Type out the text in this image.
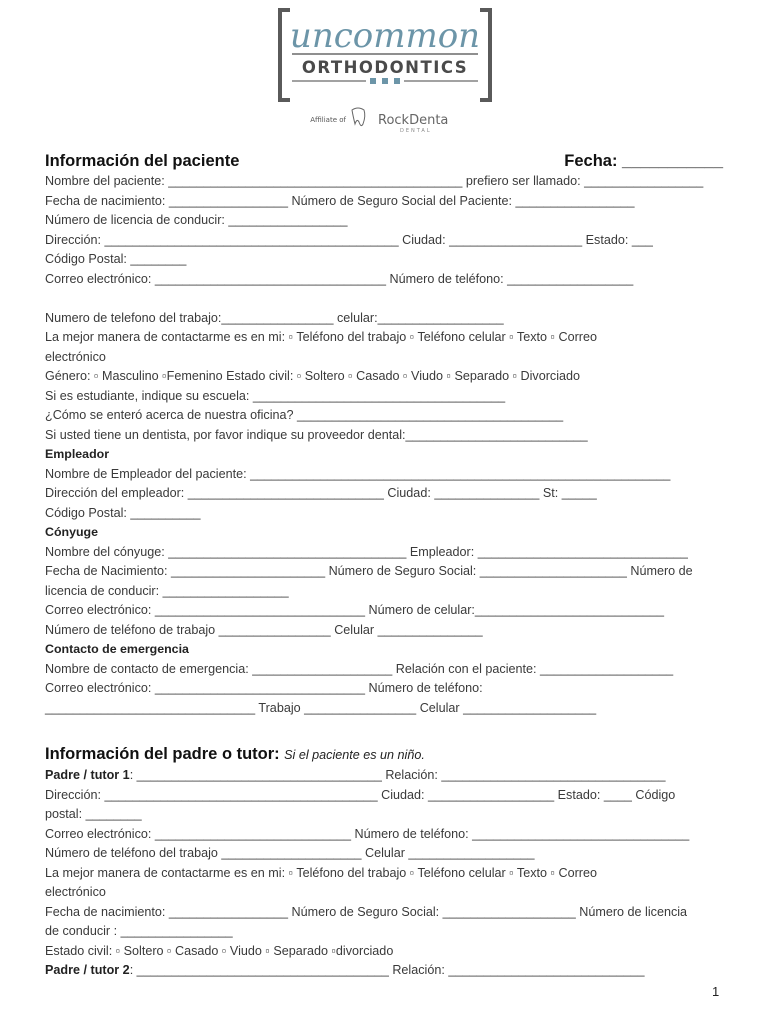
uncommon
ORTHODONTICS
Affiliate of RockDenta
DENTAL
Información del paciente	Fecha: ___________
Nombre del paciente: __________________________________________ prefiero ser llamado: _________________
Fecha de nacimiento: _________________ Número de Seguro Social del Paciente: _________________
Número de licencia de conducir: _________________
Dirección: __________________________________________ Ciudad: ___________________ Estado: ___
Código Postal: ________
Correo electrónico: _________________________________ Número de teléfono: __________________
Numero de telefono del trabajo:________________ celular:__________________
La mejor manera de contactarme es en mi: ▫ Teléfono del trabajo ▫ Teléfono celular ▫ Texto ▫ Correo
electrónico
Género: ▫ Masculino ▫Femenino Estado civil: ▫ Soltero ▫ Casado ▫ Viudo ▫ Separado ▫ Divorciado
Si es estudiante, indique su escuela: ____________________________________
¿Cómo se enteró acerca de nuestra oficina? ______________________________________
Si usted tiene un dentista, por favor indique su proveedor dental:__________________________
Empleador
Nombre de Empleador del paciente: ____________________________________________________________
Dirección del empleador: ____________________________ Ciudad: _______________ St: _____
Código Postal: __________
Cónyuge
Nombre del cónyuge: __________________________________ Empleador: ______________________________
Fecha de Nacimiento: ______________________ Número de Seguro Social: _____________________ Número de
licencia de conducir: __________________
Correo electrónico: ______________________________ Número de celular:___________________________
Número de teléfono de trabajo ________________ Celular _______________
Contacto de emergencia
Nombre de contacto de emergencia: ____________________ Relación con el paciente: ___________________
Correo electrónico: ______________________________ Número de teléfono:
______________________________ Trabajo ________________ Celular ___________________
Información del padre o tutor: Si el paciente es un niño.
Padre / tutor 1: ___________________________________ Relación: ________________________________
Dirección: _______________________________________ Ciudad: __________________ Estado: ____ Código
postal: ________
Correo electrónico: ____________________________ Número de teléfono: _______________________________
Número de teléfono del trabajo ____________________ Celular __________________
La mejor manera de contactarme es en mi: ▫ Teléfono del trabajo ▫ Teléfono celular ▫ Texto ▫ Correo
electrónico
Fecha de nacimiento: _________________ Número de Seguro Social: ___________________ Número de licencia
de conducir : ________________
Estado civil: ▫ Soltero ▫ Casado ▫ Viudo ▫ Separado ▫divorciado
Padre / tutor 2: ____________________________________ Relación: ____________________________
1
